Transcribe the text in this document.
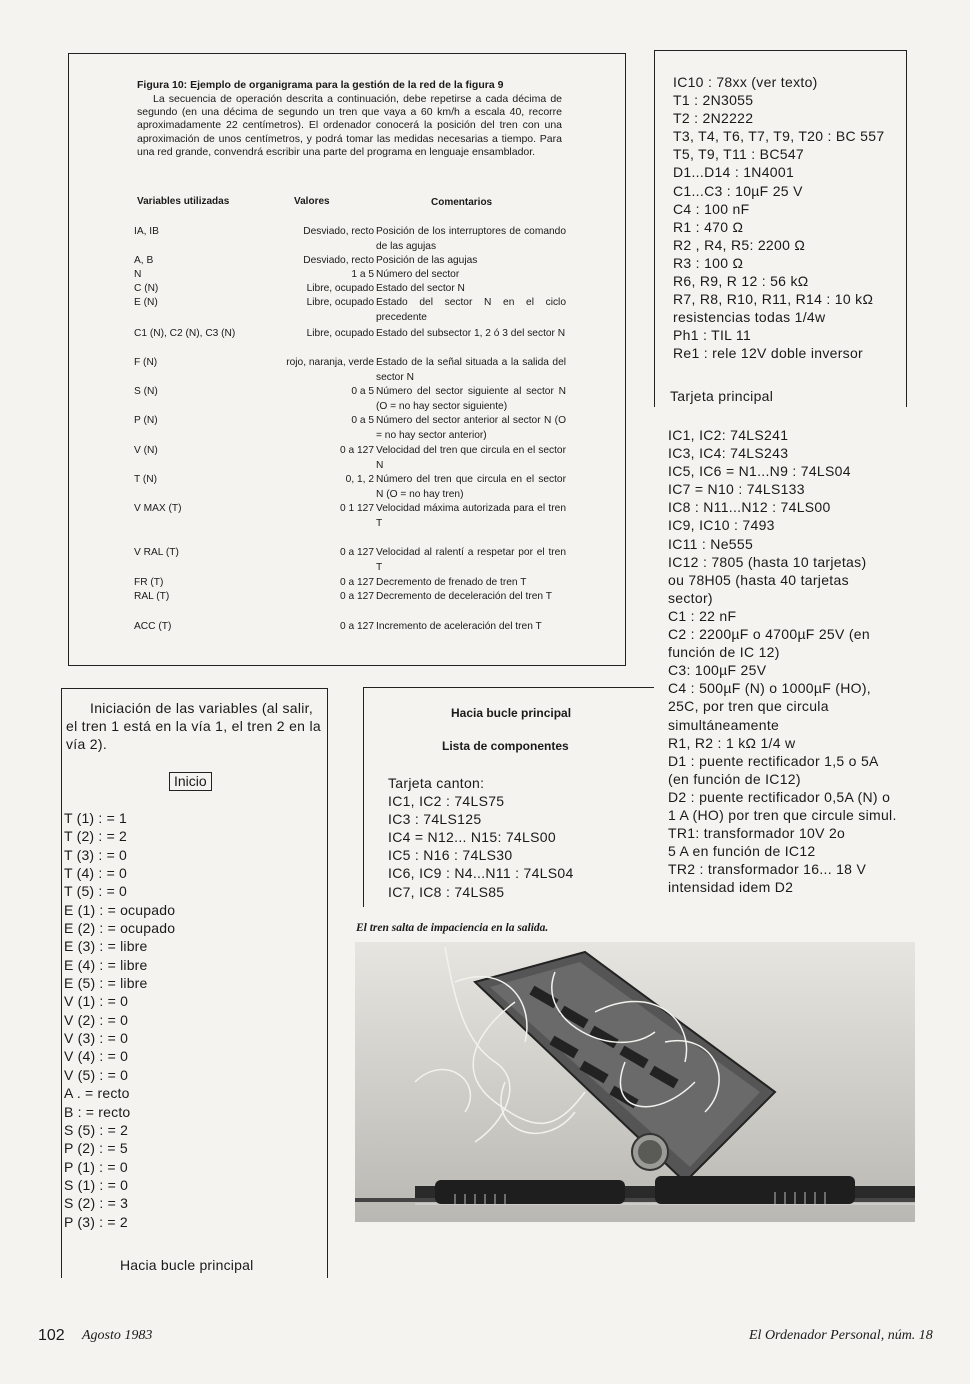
Figura 10: Ejemplo de organigrama para la gestión de la red de la figura 9
La secuencia de operación descrita a continuación, debe repetirse a cada décima de segundo (en una décima de segundo un tren que vaya a 60 km/h a escala 40, recorre aproximadamente 22 centímetros). El ordenador conocerá la posición del tren con una aproximación de unos centímetros, y podrá tomar las medidas necesarias a tiempo. Para una red grande, convendrá escribir una parte del programa en lenguaje ensamblador.
Variables utilizadas	Valores	Comentarios
IA, IB	Desviado, recto Posición de los interruptores de comando de las agujas
A, B	Desviado, recto Posición de las agujas
N	1 a 5 Número del sector
C (N)	Libre, ocupado Estado del sector N
E (N)	Libre, ocupado Estado del sector N en el ciclo precedente
C1 (N), C2 (N), C3 (N)	Libre, ocupado Estado del subsector 1, 2 ó 3 del sector N
F (N)	rojo, naranja, verde Estado de la señal situada a la salida del sector N
S (N)	0 a 5 Número del sector siguiente al sector N (O = no hay sector siguiente)
P (N)	0 a 5 Número del sector anterior al sector N (O = no hay sector anterior)
V (N)	0 a 127 Velocidad del tren que circula en el sector N
T (N)	0, 1, 2 Número del tren que circula en el sector N (O = no hay tren)
V MAX (T)	0 1 127 Velocidad máxima autorizada para el tren T
V RAL (T)	0 a 127 Velocidad al ralentí a respetar por el tren T
FR (T)	0 a 127 Decremento de frenado de tren T
RAL (T)	0 a 127 Decremento de deceleración del tren T
ACC (T)	0 a 127 Incremento de aceleración del tren T
Iniciación de las variables (al salir, el tren 1 está en la vía 1, el tren 2 en la vía 2).
Inicio
T (1) : = 1
T (2) : = 2
T (3) : = 0
T (4) : = 0
T (5) : = 0
E (1) : = ocupado
E (2) : = ocupado
E (3) : = libre
E (4) : = libre
E (5) : = libre
V (1) : = 0
V (2) : = 0
V (3) : = 0
V (4) : = 0
V (5) : = 0
A . = recto
B : = recto
S (5) : = 2
P (2) : = 5
P (1) : = 0
S (1) : = 0
S (2) : = 3
P (3) : = 2
Hacia bucle principal
Hacia bucle principal
Lista de componentes
Tarjeta canton:
IC1, IC2 : 74LS75
IC3 : 74LS125
IC4 = N12... N15: 74LS00
IC5 : N16 : 74LS30
IC6, IC9 : N4...N11 : 74LS04
IC7, IC8 : 74LS85
IC10 : 78xx (ver texto)
T1 : 2N3055
T2 : 2N2222
T3, T4, T6, T7, T9, T20 : BC 557
T5, T9, T11 : BC547
D1...D14 : 1N4001
C1...C3 : 10µF 25 V
C4 : 100 nF
R1 : 470 Ω
R2 , R4, R5: 2200 Ω
R3 : 100 Ω
R6, R9, R 12 : 56 kΩ
R7, R8, R10, R11, R14 : 10 kΩ
resistencias todas 1/4w
Ph1 : TIL 11
Re1 : rele 12V doble inversor
Tarjeta principal
IC1, IC2: 74LS241
IC3, IC4: 74LS243
IC5, IC6 = N1...N9 : 74LS04
IC7 = N10 : 74LS133
IC8 : N11...N12 : 74LS00
IC9, IC10 : 7493
IC11 : Ne555
IC12 : 7805 (hasta 10 tarjetas)
ou 78H05 (hasta 40 tarjetas
sector)
C1 : 22 nF
C2 : 2200µF o 4700µF 25V (en
función de IC 12)
C3: 100µF 25V
C4 : 500µF (N) o 1000µF (HO),
25C, por tren que circula
simultáneamente
R1, R2 : 1 kΩ 1/4 w
D1 : puente rectificador 1,5 o 5A
(en función de IC12)
D2 : puente rectificador 0,5A (N) o
1 A (HO) por tren que circule simul.
TR1: transformador 10V 2o
5 A en función de IC12
TR2 : transformador 16... 18 V
intensidad idem D2
El tren salta de impaciencia en la salida.
102 Agosto 1983	El Ordenador Personal, núm. 18
